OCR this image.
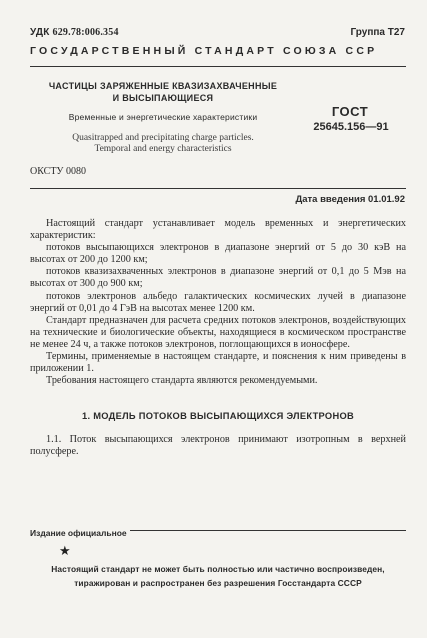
УДК 629.78:006.354	Группа Т27
ГОСУДАРСТВЕННЫЙ СТАНДАРТ СОЮЗА ССР
ЧАСТИЦЫ ЗАРЯЖЕННЫЕ КВАЗИЗАХВАЧЕННЫЕ
И ВЫСЫПАЮЩИЕСЯ
Временные и энергетические характеристики
Quasitrapped and precipitating charge particles.
Temporal and energy characteristics
ГОСТ
25645.156—91
ОКСТУ 0080
Дата введения 01.01.92

Настоящий стандарт устанавливает модель временных и энергетических характеристик:

потоков высыпающихся электронов в диапазоне энергий от 5 до 30 кэВ на высотах от 200 до 1200 км;

потоков квазизахваченных электронов в диапазоне энергий от 0,1 до 5 Мэв на высотах от 300 до 900 км;

потоков электронов альбедо галактических космических лучей в диапазоне энергий от 0,01 до 4 ГэВ на высотах менее 1200 км.

Стандарт предназначен для расчета средних потоков электронов, воздействующих на технические и биологические объекты, находящиеся в космическом пространстве не менее 24 ч, а также потоков электронов, поглощающихся в ионосфере.

Термины, применяемые в настоящем стандарте, и пояснения к ним приведены в приложении 1.

Требования настоящего стандарта являются рекомендуемыми.

1. МОДЕЛЬ ПОТОКОВ ВЫСЫПАЮЩИХСЯ ЭЛЕКТРОНОВ

1.1. Поток высыпающихся электронов принимают изотропным в верхней полусфере.

Издание официальное
★
Настоящий стандарт не может быть полностью или частично воспроизведен,
тиражирован и распространен без разрешения Госстандарта СССР
